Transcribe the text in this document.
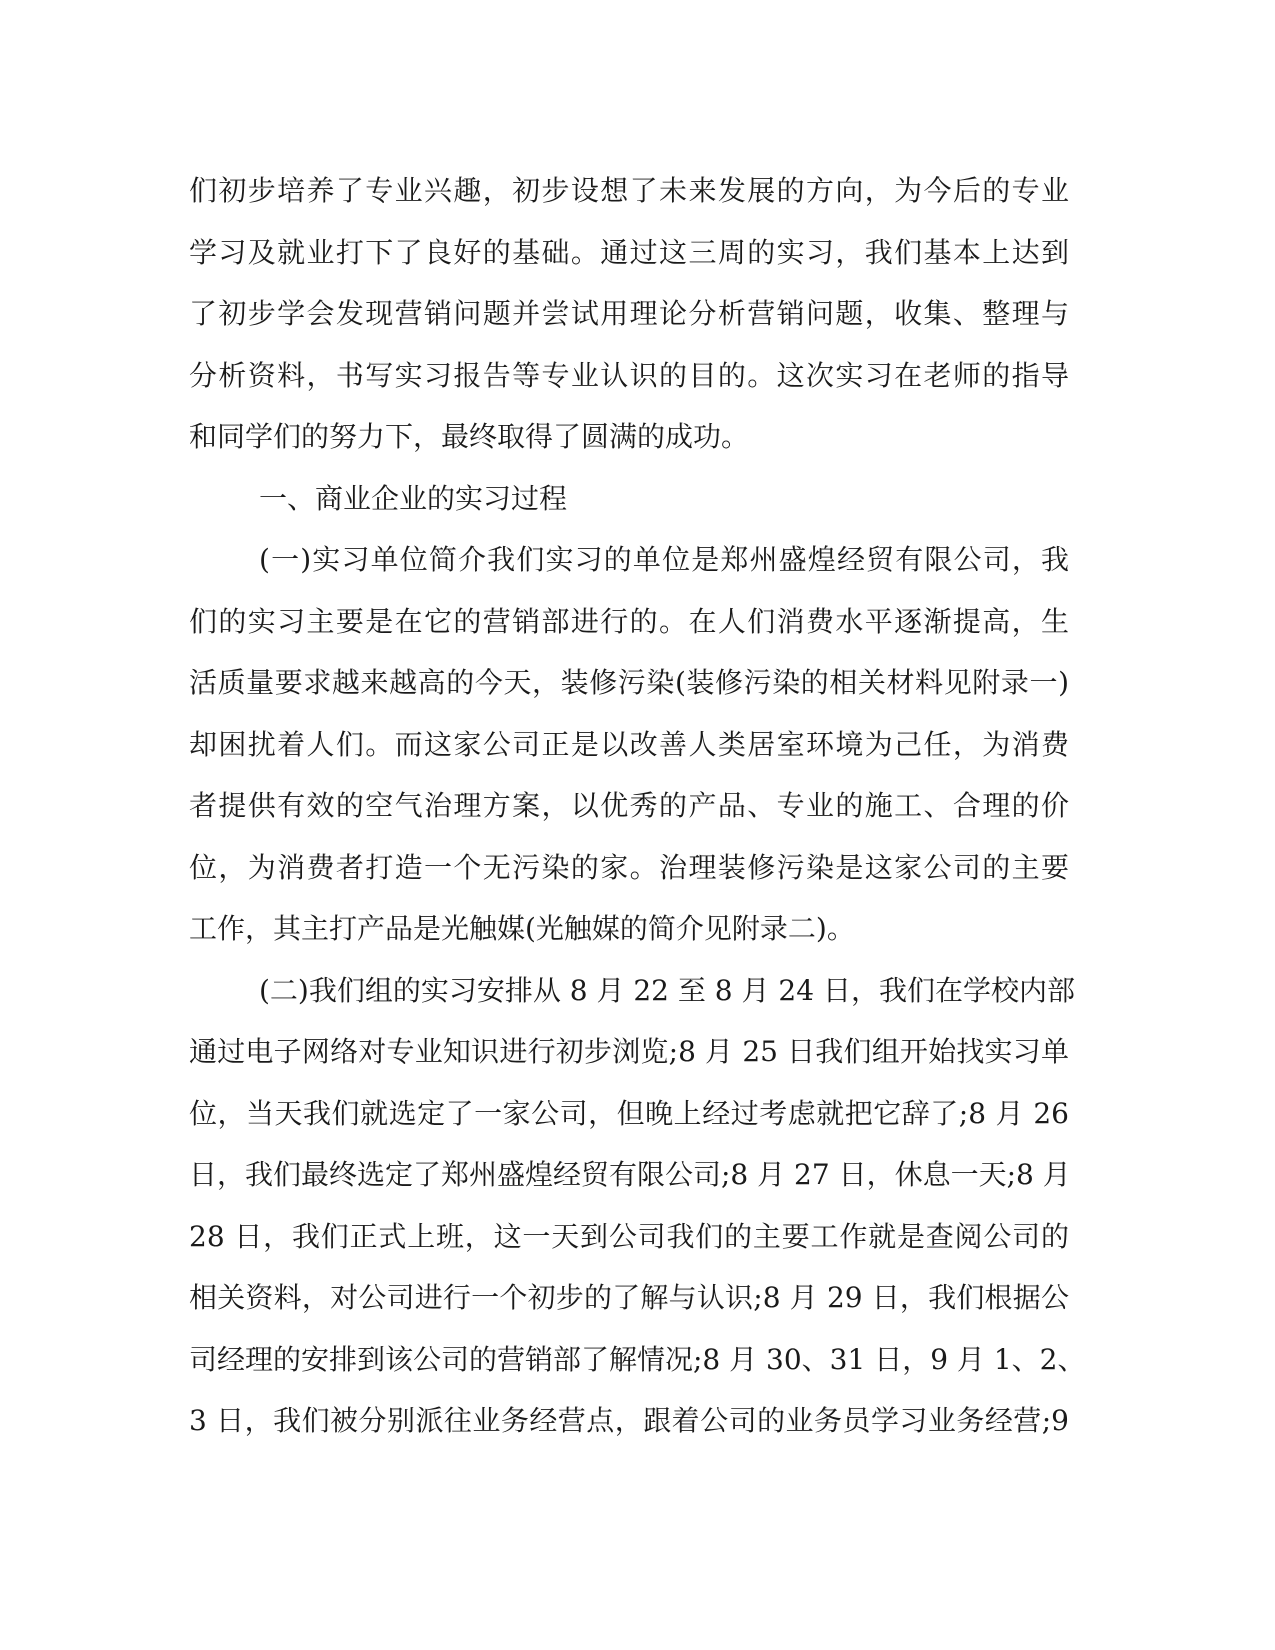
们初步培养了专业兴趣，初步设想了未来发展的方向，为今后的专业
学习及就业打下了良好的基础。通过这三周的实习，我们基本上达到
了初步学会发现营销问题并尝试用理论分析营销问题，收集、整理与
分析资料，书写实习报告等专业认识的目的。这次实习在老师的指导
和同学们的努力下，最终取得了圆满的成功。
一、商业企业的实习过程
(一)实习单位简介我们实习的单位是郑州盛煌经贸有限公司，我
们的实习主要是在它的营销部进行的。在人们消费水平逐渐提高，生
活质量要求越来越高的今天，装修污染(装修污染的相关材料见附录一)
却困扰着人们。而这家公司正是以改善人类居室环境为己任，为消费
者提供有效的空气治理方案，以优秀的产品、专业的施工、合理的价
位，为消费者打造一个无污染的家。治理装修污染是这家公司的主要
工作，其主打产品是光触媒(光触媒的简介见附录二)。
(二)我们组的实习安排从 8 月 22 至 8 月 24 日，我们在学校内部
通过电子网络对专业知识进行初步浏览;8 月 25 日我们组开始找实习单
位，当天我们就选定了一家公司，但晚上经过考虑就把它辞了;8 月 26
日，我们最终选定了郑州盛煌经贸有限公司;8 月 27 日，休息一天;8 月
28 日，我们正式上班，这一天到公司我们的主要工作就是查阅公司的
相关资料，对公司进行一个初步的了解与认识;8 月 29 日，我们根据公
司经理的安排到该公司的营销部了解情况;8 月 30、31 日，9 月 1、2、
3 日，我们被分别派往业务经营点，跟着公司的业务员学习业务经营;9
